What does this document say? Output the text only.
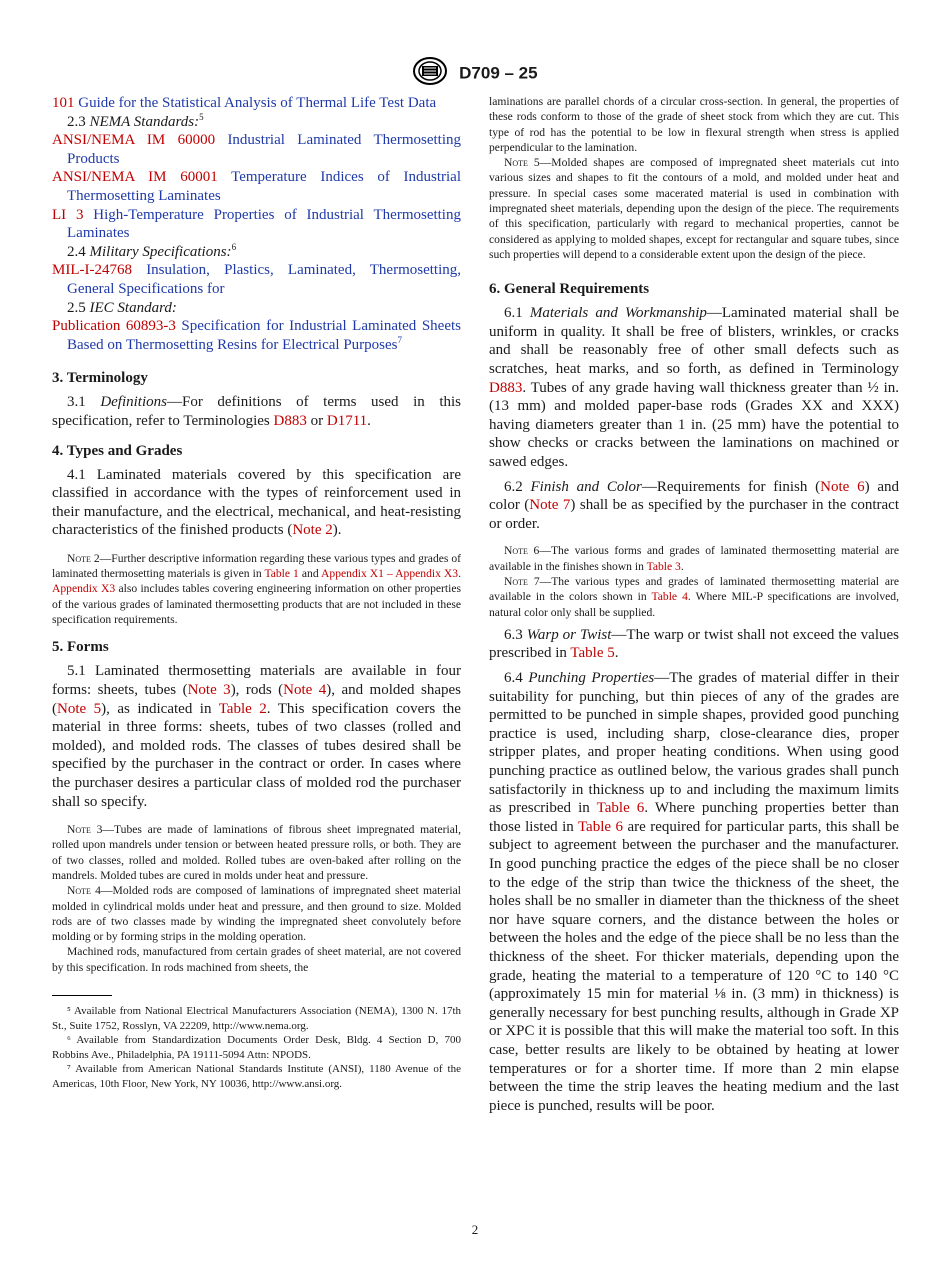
D709 – 25

101 Guide for the Statistical Analysis of Thermal Life Test Data

2.3 NEMA Standards:$^5$

ANSI/NEMA IM 60000 Industrial Laminated Thermosetting Products

ANSI/NEMA IM 60001 Temperature Indices of Industrial Thermosetting Laminates

LI 3 High-Temperature Properties of Industrial Thermosetting Laminates

2.4 Military Specifications:$^6$

MIL-I-24768 Insulation, Plastics, Laminated, Thermosetting, General Specifications for

2.5 IEC Standard:

Publication 60893-3 Specification for Industrial Laminated Sheets Based on Thermosetting Resins for Electrical Purposes$^7$

3. Terminology

3.1 Definitions—For definitions of terms used in this specification, refer to Terminologies D883 or D1711.

4. Types and Grades

4.1 Laminated materials covered by this specification are classified in accordance with the types of reinforcement used in their manufacture, and the electrical, mechanical, and heat-resisting characteristics of the finished products (Note 2).

Note 2—Further descriptive information regarding these various types and grades of laminated thermosetting materials is given in Table 1 and Appendix X1 – Appendix X3. Appendix X3 also includes tables covering engineering information on other properties of the various grades of laminated thermosetting products that are not included in these specification requirements.

5. Forms

5.1 Laminated thermosetting materials are available in four forms: sheets, tubes (Note 3), rods (Note 4), and molded shapes (Note 5), as indicated in Table 2. This specification covers the material in three forms: sheets, tubes of two classes (rolled and molded), and molded rods. The classes of tubes desired shall be specified by the purchaser in the contract or order. In cases where the purchaser desires a particular class of molded rod the purchaser shall so specify.

Note 3—Tubes are made of laminations of fibrous sheet impregnated material, rolled upon mandrels under tension or between heated pressure rolls, or both. They are of two classes, rolled and molded. Rolled tubes are oven-baked after rolling on the mandrels. Molded tubes are cured in molds under heat and pressure.

Note 4—Molded rods are composed of laminations of impregnated sheet material molded in cylindrical molds under heat and pressure, and then ground to size. Molded rods are of two classes made by winding the impregnated sheet convolutely before molding or by forming strips in the molding operation.

Machined rods, manufactured from certain grades of sheet material, are not covered by this specification. In rods machined from sheets, the

⁵ Available from National Electrical Manufacturers Association (NEMA), 1300 N. 17th St., Suite 1752, Rosslyn, VA 22209, http://www.nema.org.

⁶ Available from Standardization Documents Order Desk, Bldg. 4 Section D, 700 Robbins Ave., Philadelphia, PA 19111-5094 Attn: NPODS.

⁷ Available from American National Standards Institute (ANSI), 1180 Avenue of the Americas, 10th Floor, New York, NY 10036, http://www.ansi.org.

laminations are parallel chords of a circular cross-section. In general, the properties of these rods conform to those of the grade of sheet stock from which they are cut. This type of rod has the potential to be low in flexural strength when stress is applied perpendicular to the lamination.

Note 5—Molded shapes are composed of impregnated sheet materials cut into various sizes and shapes to fit the contours of a mold, and molded under heat and pressure. In special cases some macerated material is used in combination with impregnated sheet materials, depending upon the design of the piece. The requirements of this specification, particularly with regard to mechanical properties, cannot be considered as applying to molded shapes, except for rectangular and square tubes, since such properties will depend to a considerable extent upon the design of the piece.

6. General Requirements

6.1 Materials and Workmanship—Laminated material shall be uniform in quality. It shall be free of blisters, wrinkles, or cracks and shall be reasonably free of other small defects such as scratches, heat marks, and so forth, as defined in Terminology D883. Tubes of any grade having wall thickness greater than ½ in. (13 mm) and molded paper-base rods (Grades XX and XXX) having diameters greater than 1 in. (25 mm) have the potential to show checks or cracks between the laminations on machined or sawed edges.

6.2 Finish and Color—Requirements for finish (Note 6) and color (Note 7) shall be as specified by the purchaser in the contract or order.

Note 6—The various forms and grades of laminated thermosetting material are available in the finishes shown in Table 3.

Note 7—The various types and grades of laminated thermosetting material are available in the colors shown in Table 4. Where MIL-P specifications are involved, natural color only shall be supplied.

6.3 Warp or Twist—The warp or twist shall not exceed the values prescribed in Table 5.

6.4 Punching Properties—The grades of material differ in their suitability for punching, but thin pieces of any of the grades are permitted to be punched in simple shapes, provided good punching practice is used, including sharp, close-clearance dies, proper stripper plates, and proper heating conditions. When using good punching practice as outlined below, the various grades shall punch satisfactorily in thickness up to and including the maximum limits as prescribed in Table 6. Where punching properties better than those listed in Table 6 are required for particular parts, this shall be subject to agreement between the purchaser and the manufacturer. In good punching practice the edges of the piece shall be no closer to the edge of the strip than twice the thickness of the sheet, the holes shall be no smaller in diameter than the thickness of the sheet nor have square corners, and the distance between the holes or between the holes and the edge of the piece shall be no less than the thickness of the sheet. For thicker materials, depending upon the grade, heating the material to a temperature of 120 °C to 140 °C (approximately 15 min for material ⅛ in. (3 mm) in thickness) is generally necessary for best punching results, although in Grade XP or XPC it is possible that this will make the material too soft. In this case, better results are likely to be obtained by heating at lower temperatures or for a shorter time. If more than 2 min elapse between the time the strip leaves the heating medium and the last piece is punched, results will be poor.

2
